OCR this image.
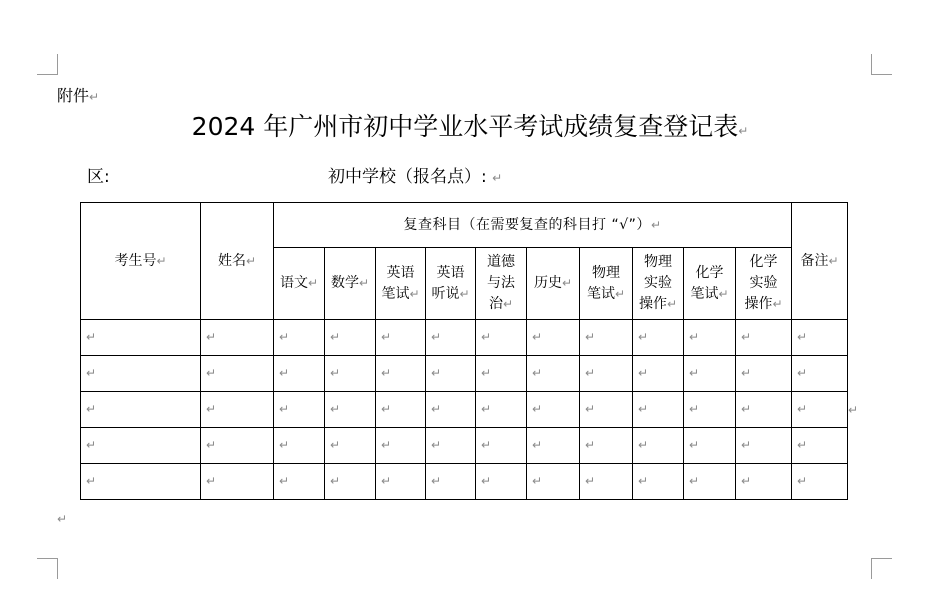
附件↵
2024 年广州市初中学业水平考试成绩复查登记表↵
区:	初中学校（报名点）: ↵
考生号↵	姓名↵	复查科目（在需要复查的科目打 “√”）↵										备注↵
		语文↵	数学↵	英语
笔试↵	英语
听说↵	道德
与法
治↵	历史↵	物理
笔试↵	物理
实验
操作↵	化学
笔试↵	化学
实验
操作↵	
↵	↵	↵	↵	↵	↵	↵	↵	↵	↵	↵	↵	↵
↵	↵	↵	↵	↵	↵	↵	↵	↵	↵	↵	↵	↵
↵	↵	↵	↵	↵	↵	↵	↵	↵	↵	↵	↵	↵
↵	↵	↵	↵	↵	↵	↵	↵	↵	↵	↵	↵	↵
↵	↵	↵	↵	↵	↵	↵	↵	↵	↵	↵	↵	↵
↵
↵
